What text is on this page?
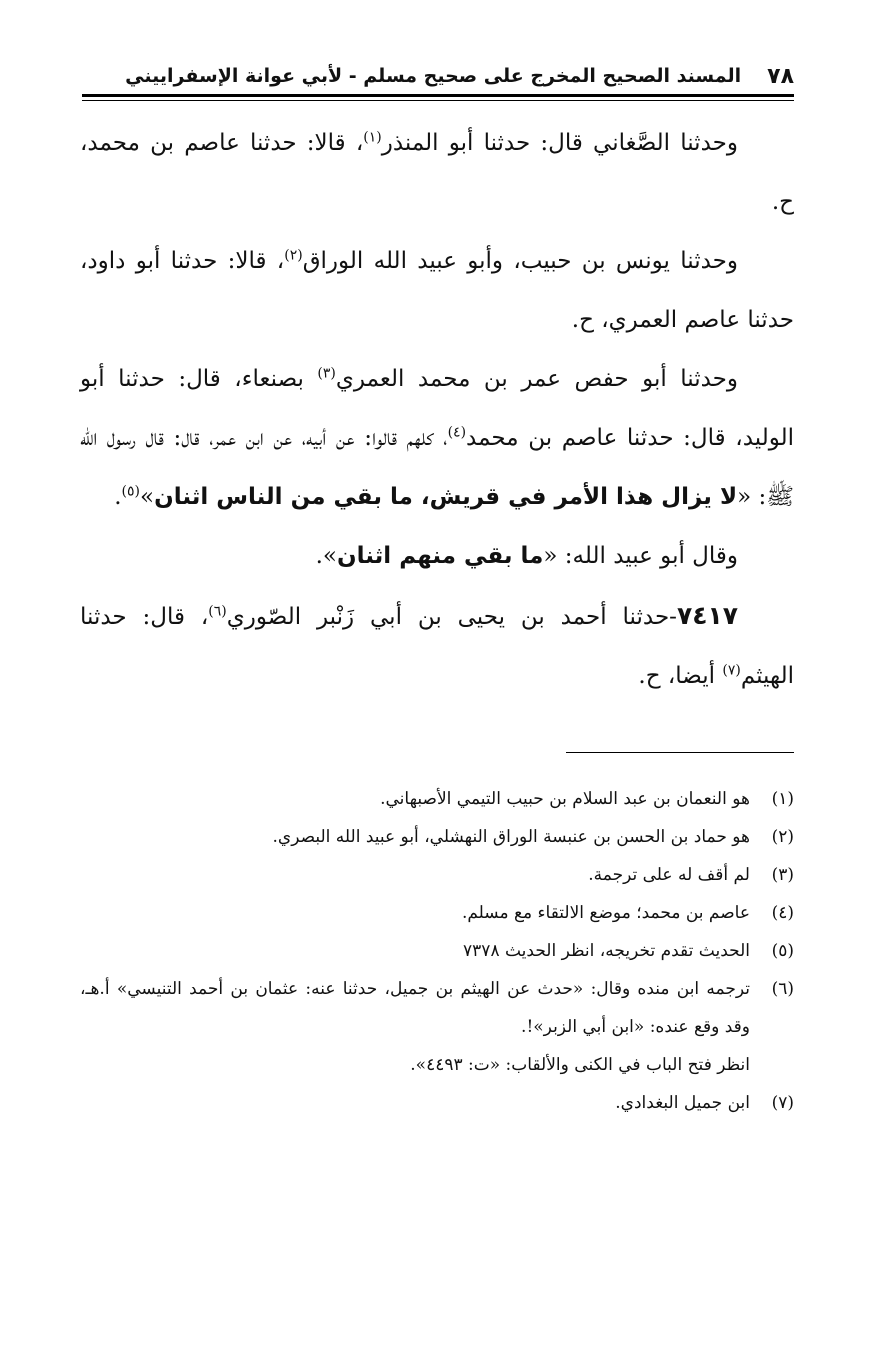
٧٨
المسند الصحيح المخرج على صحيح مسلم - لأبي عوانة الإسفراييني

وحدثنا الصَّغاني قال: حدثنا أبو المنذر$^{(١)}$، قالا: حدثنا عاصم بن محمد، ح.

وحدثنا يونس بن حبيب، وأبو عبيد الله الوراق$^{(٢)}$، قالا: حدثنا أبو داود، حدثنا عاصم العمري، ح.

وحدثنا أبو حفص عمر بن محمد العمري$^{(٣)}$ بصنعاء، قال: حدثنا أبو الوليد، قال: حدثنا عاصم بن محمد$^{(٤)}$، كلهم قالوا: عن أبيه، عن ابن عمر، قال: قال رسول الله ﷺ: «لا يزال هذا الأمر في قريش، ما بقي من الناس اثنان»$^{(٥)}$.

وقال أبو عبيد الله: «ما بقي منهم اثنان».

٧٤١٧-حدثنا أحمد بن يحيى بن أبي زَنْبر الصّوري$^{(٦)}$، قال: حدثنا الهيثم$^{(٧)}$ أيضا، ح.

(١)
هو النعمان بن عبد السلام بن حبيب التيمي الأصبهاني.
(٢)
هو حماد بن الحسن بن عنبسة الوراق النهشلي، أبو عبيد الله البصري.
(٣)
لم أقف له على ترجمة.
(٤)
عاصم بن محمد؛ موضع الالتقاء مع مسلم.
(٥)
الحديث تقدم تخريجه، انظر الحديث ٧٣٧٨
(٦)
ترجمه ابن منده وقال: «حدث عن الهيثم بن جميل، حدثنا عنه: عثمان بن أحمد التنيسي» أ.هـ، وقد وقع عنده: «ابن أبي الزبر»!.
انظر فتح الباب في الكنى والألقاب: «ت: ٤٤٩٣».
(٧)
ابن جميل البغدادي.
